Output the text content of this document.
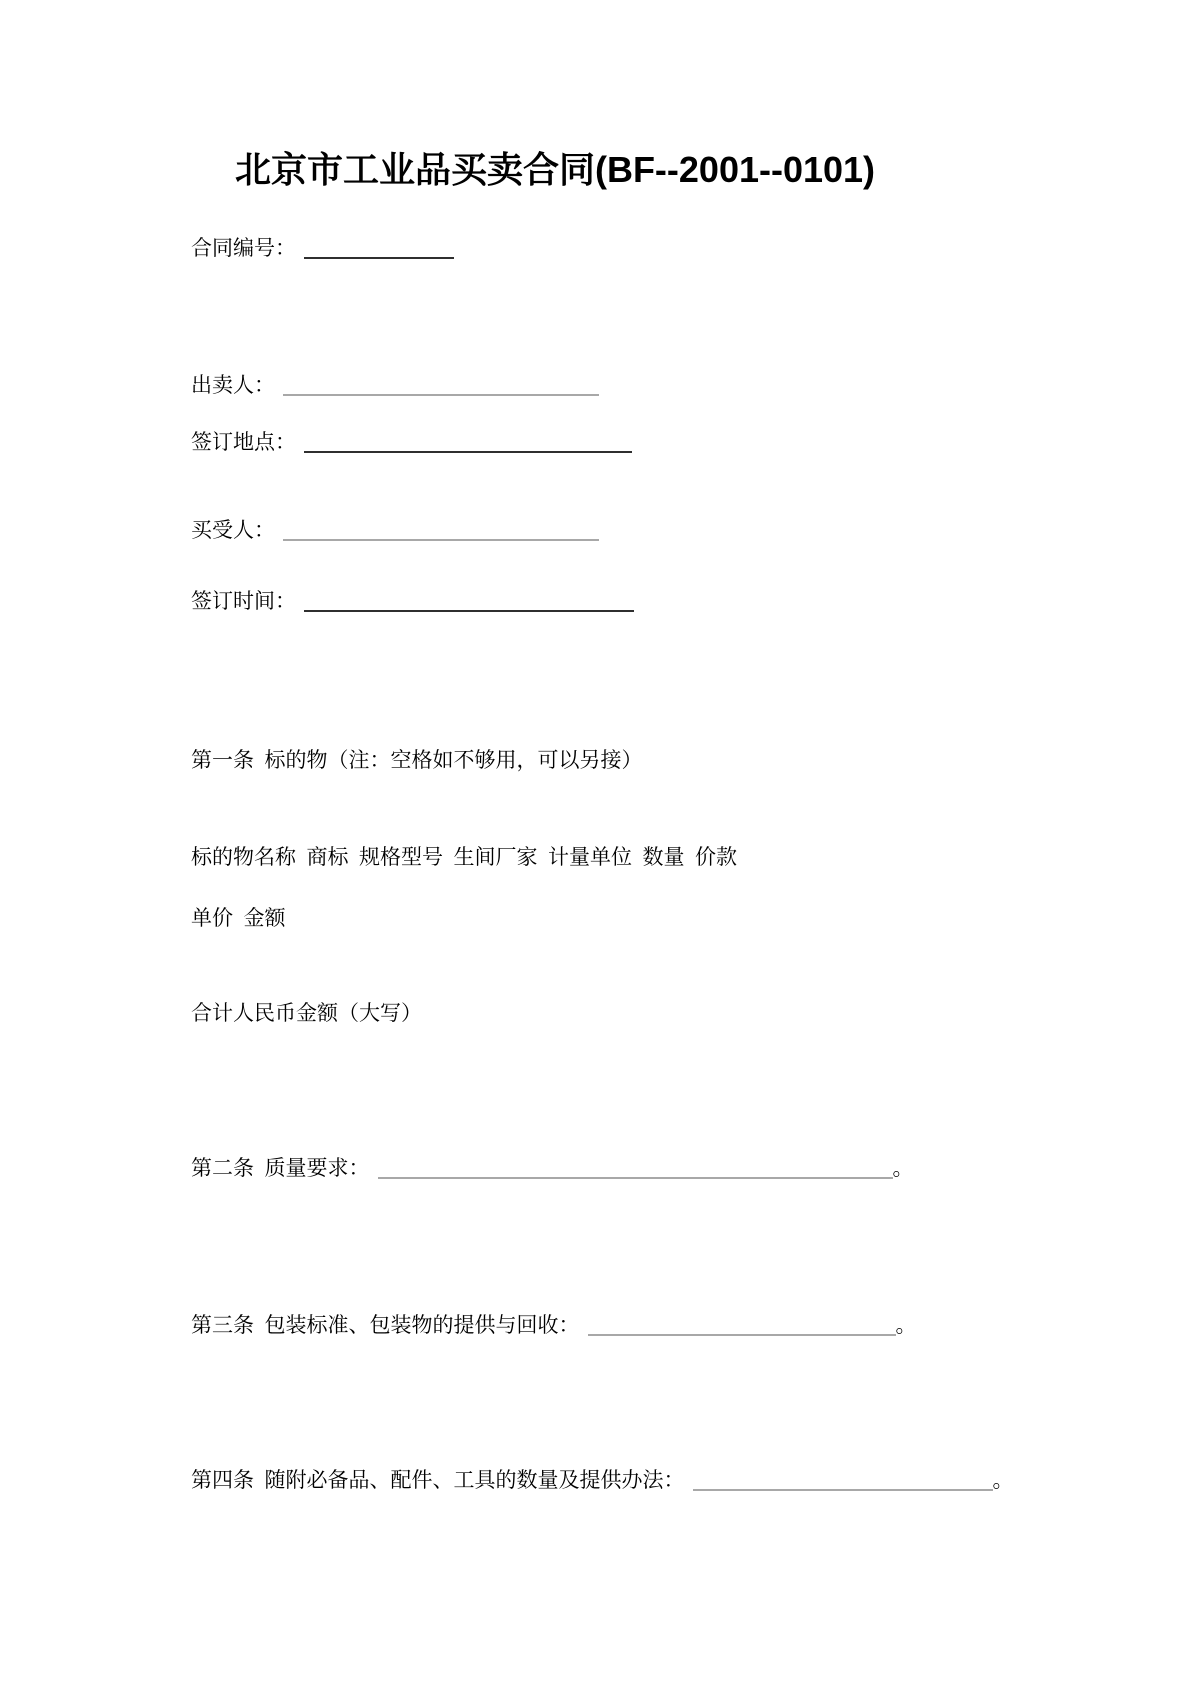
北京市工业品买卖合同(BF--2001--0101)

合同编号：

出卖人：

签订地点：

买受人：

签订时间：

第一条  标的物（注：空格如不够用，可以另接）

标的物名称  商标  规格型号  生间厂家  计量单位  数量  价款

单价  金额

合计人民币金额（大写）

第二条  质量要求：	。

第三条  包装标准、包装物的提供与回收：	。

第四条  随附必备品、配件、工具的数量及提供办法：	。
